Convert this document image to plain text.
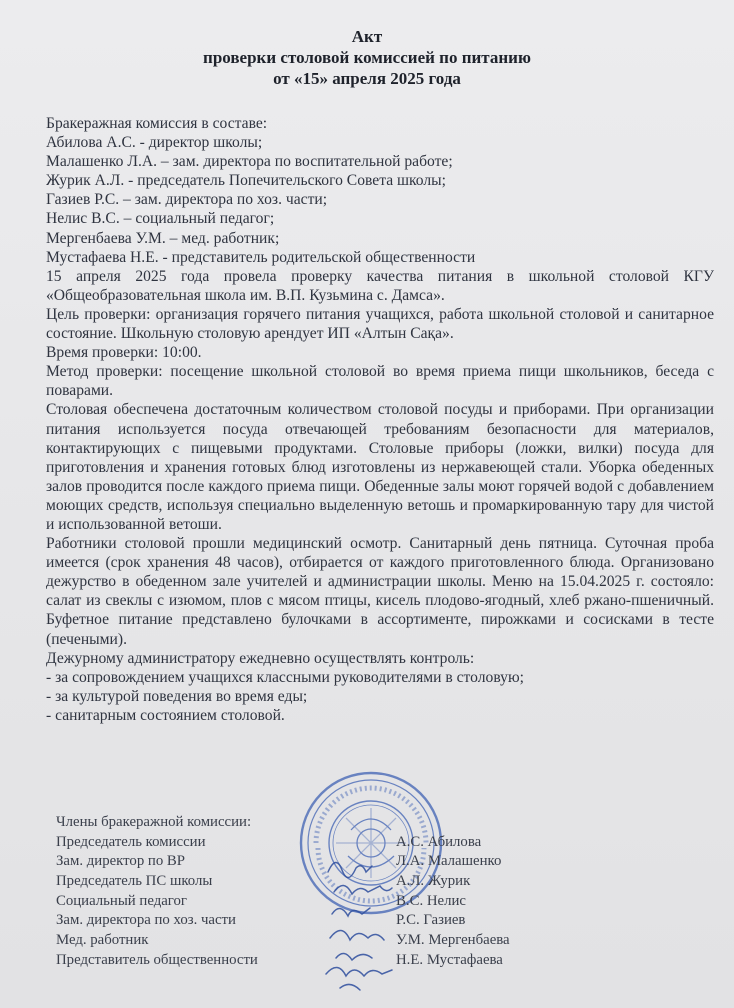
Акт
проверки столовой комиссией по питанию
от «15» апреля 2025 года

Бракеражная комиссия в составе:

Абилова А.С. - директор школы;

Малашенко Л.А. – зам. директора по воспитательной работе;

Журик А.Л. - председатель Попечительского Совета школы;

Газиев Р.С. – зам. директора по хоз. части;

Нелис В.С. – социальный педагог;

Мергенбаева У.М. – мед. работник;

Мустафаева Н.Е. - представитель родительской общественности

15 апреля 2025 года провела проверку качества питания в школьной столовой КГУ «Общеобразовательная школа им. В.П. Кузьмина с. Дамса».

Цель проверки: организация горячего питания учащихся, работа школьной столовой и санитарное состояние. Школьную столовую арендует ИП «Алтын Сақа».

Время проверки: 10:00.

Метод проверки: посещение школьной столовой во время приема пищи школьников, беседа с поварами.

Столовая обеспечена достаточным количеством столовой посуды и приборами. При организации питания используется посуда отвечающей требованиям безопасности для материалов, контактирующих с пищевыми продуктами. Столовые приборы (ложки, вилки) посуда для приготовления и хранения готовых блюд изготовлены из нержавеющей стали. Уборка обеденных залов проводится после каждого приема пищи. Обеденные залы моют горячей водой с добавлением моющих средств, используя специально выделенную ветошь и промаркированную тару для чистой и использованной ветоши.

Работники столовой прошли медицинский осмотр. Санитарный день пятница. Суточная проба имеется (срок хранения 48 часов), отбирается от каждого приготовленного блюда. Организовано дежурство в обеденном зале учителей и администрации школы. Меню на 15.04.2025 г. состояло: салат из свеклы с изюмом, плов с мясом птицы, кисель плодово-ягодный, хлеб ржано-пшеничный. Буфетное питание представлено булочками в ассортименте, пирожками и сосисками в тесте (печеными).

Дежурному администратору ежедневно осуществлять контроль:

- за сопровождением учащихся классными руководителями в столовую;

- за культурой поведения во время еды;

- санитарным состоянием столовой.

Члены бракеражной комиссии:
Председатель комиссии	А.С. Абилова
Зам. директор по ВР	Л.А. Малашенко
Председатель ПС школы	А.Л. Журик
Социальный педагог	В.С. Нелис
Зам. директора по хоз. части	Р.С. Газиев
Мед. работник	У.М. Мергенбаева
Представитель общественности	Н.Е. Мустафаева
